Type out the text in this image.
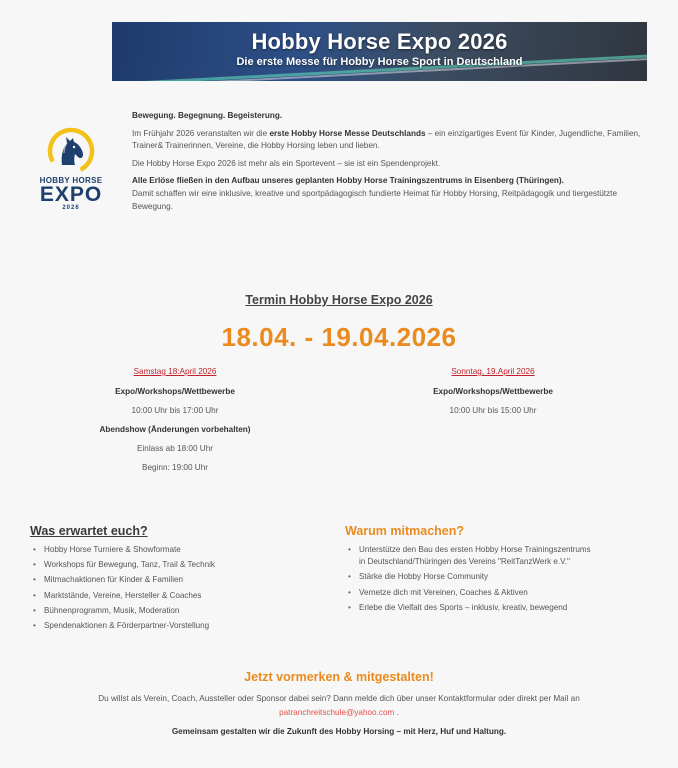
Hobby Horse Expo 2026
Die erste Messe für Hobby Horse Sport in Deutschland
HOBBY HORSE
EXPO
2026

Bewegung. Begegnung. Begeisterung.

Im Frühjahr 2026 veranstalten wir die erste Hobby Horse Messe Deutschlands – ein einzigartiges Event für Kinder, Jugendliche, Familien, Trainer& Trainerinnen, Vereine, die Hobby Horsing leben und lieben.

Die Hobby Horse Expo 2026 ist mehr als ein Sportevent – sie ist ein Spendenprojekt.

Alle Erlöse fließen in den Aufbau unseres geplanten Hobby Horse Trainingszentrums in Eisenberg (Thüringen).
Damit schaffen wir eine inklusive, kreative und sportpädagogisch fundierte Heimat für Hobby Horsing, Reitpädagogik und tiergestützte Bewegung.

Termin Hobby Horse Expo 2026
18.04. - 19.04.2026
Samstag 18:April 2026
Expo/Workshops/Wettbewerbe
10:00 Uhr bis 17:00 Uhr
Abendshow (Änderungen vorbehalten)
Einlass ab 18:00 Uhr
Beginn: 19:00 Uhr
Sonntag, 19.April 2026
Expo/Workshops/Wettbewerbe
10:00 Uhr bis 15:00 Uhr
Was erwartet euch?
• Hobby Horse Turniere & Showformate
• Workshops für Bewegung, Tanz, Trail & Technik
• Mitmachaktionen für Kinder & Familien
• Marktstände, Vereine, Hersteller & Coaches
• Bühnenprogramm, Musik, Moderation
• Spendenaktionen & Förderpartner-Vorstellung
Warum mitmachen?
• Unterstütze den Bau des ersten Hobby Horse Trainingszentrums in Deutschland/Thüringen des Vereins "ReitTanzWerk e.V."
• Stärke die Hobby Horse Community
• Vernetze dich mit Vereinen, Coaches & Aktiven
• Erlebe die Vielfalt des Sports – inklusiv, kreativ, bewegend
Jetzt vormerken & mitgestalten!
Du willst als Verein, Coach, Aussteller oder Sponsor dabei sein? Dann melde dich über unser Kontaktformular oder direkt per Mail an
patranchreitschule@yahoo.com .
Gemeinsam gestalten wir die Zukunft des Hobby Horsing – mit Herz, Huf und Haltung.
